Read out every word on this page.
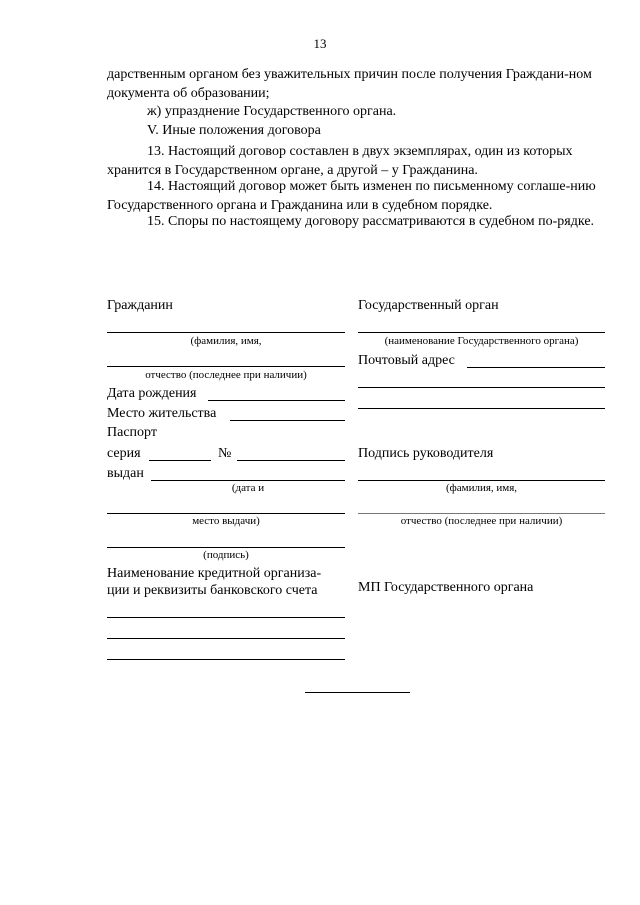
13

дарственным органом без уважительных причин после получения Граждани-ном документа об образовании;

ж) упразднение Государственного органа.

V. Иные положения договора

13. Настоящий договор составлен в двух экземплярах, один из которых хранится в Государственном органе, а другой – у Гражданина.

14. Настоящий договор может быть изменен по письменному соглаше-нию Государственного органа и Гражданина или в судебном порядке.

15. Споры по настоящему договору рассматриваются в судебном по-рядке.

Гражданин
(фамилия, имя,
отчество (последнее при наличии)
Дата рождения
Место жительства
Паспорт
серия	№
выдан
(дата и
место выдачи)
(подпись)
Наименование кредитной организа-
ции и реквизиты банковского счета
Государственный орган
(наименование Государственного органа)
Почтовый адрес
Подпись руководителя
(фамилия, имя,
отчество (последнее при наличии)
МП Государственного органа
